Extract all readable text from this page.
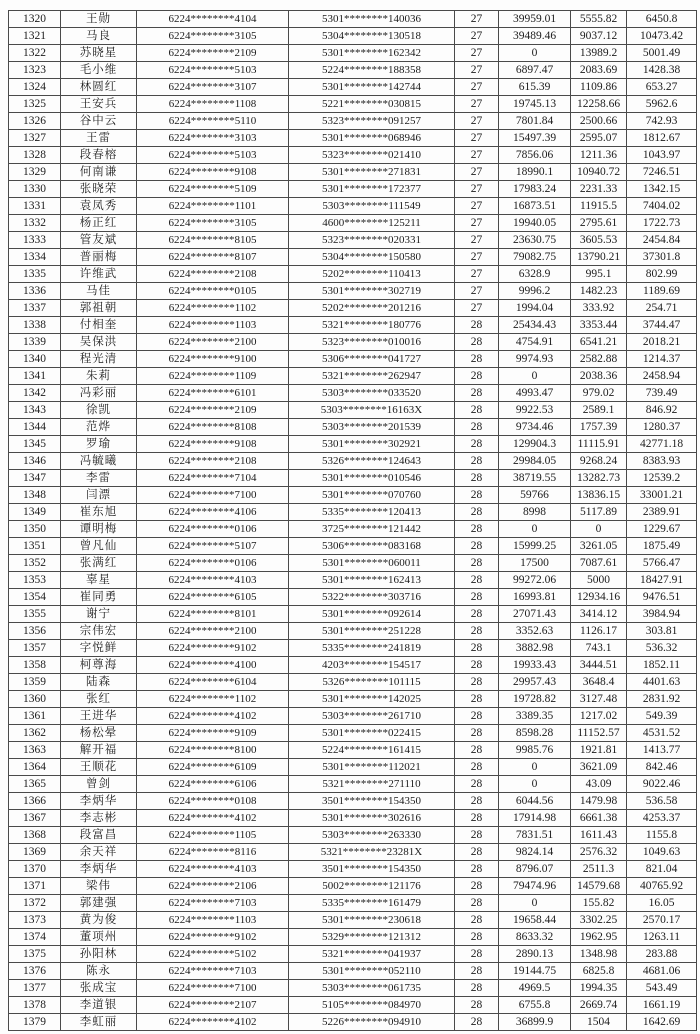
1320	王勋	6224********4104	5301********140036	27	39959.01	5555.82	6450.8
1321	马良	6224********3105	5304********130518	27	39489.46	9037.12	10473.42
1322	苏晓星	6224********2109	5301********162342	27	0	13989.2	5001.49
1323	毛小维	6224********5103	5224********188358	27	6897.47	2083.69	1428.38
1324	林圆红	6224********3107	5301********142744	27	615.39	1109.86	653.27
1325	王安兵	6224********1108	5221********030815	27	19745.13	12258.66	5962.6
1326	谷中云	6224********5110	5323********091257	27	7801.84	2500.66	742.93
1327	王雷	6224********3103	5301********068946	27	15497.39	2595.07	1812.67
1328	段春榕	6224********5103	5323********021410	27	7856.06	1211.36	1043.97
1329	何南谦	6224********9108	5301********271831	27	18990.1	10940.72	7246.51
1330	张晓荣	6224********5109	5301********172377	27	17983.24	2231.33	1342.15
1331	袁凤秀	6224********1101	5303********111549	27	16873.51	11915.5	7404.02
1332	杨正红	6224********3105	4600********125211	27	19940.05	2795.61	1722.73
1333	管友斌	6224********8105	5323********020331	27	23630.75	3605.53	2454.84
1334	普丽梅	6224********8107	5304********150580	27	79082.75	13790.21	37301.8
1335	许维武	6224********2108	5202********110413	27	6328.9	995.1	802.99
1336	马佳	6224********0105	5301********302719	27	9996.2	1482.23	1189.69
1337	郭祖朝	6224********1102	5202********201216	27	1994.04	333.92	254.71
1338	付相奎	6224********1103	5321********180776	28	25434.43	3353.44	3744.47
1339	吴保洪	6224********2100	5323********010016	28	4754.91	6541.21	2018.21
1340	程光清	6224********9100	5306********041727	28	9974.93	2582.88	1214.37
1341	朱莉	6224********1109	5321********262947	28	0	2038.36	2458.94
1342	冯彩丽	6224********6101	5303********033520	28	4993.47	979.02	739.49
1343	徐凯	6224********2109	5303********16163X	28	9922.53	2589.1	846.92
1344	范烨	6224********8108	5303********201539	28	9734.46	1757.39	1280.37
1345	罗瑜	6224********9108	5301********302921	28	129904.3	11115.91	42771.18
1346	冯毓曦	6224********2108	5326********124643	28	29984.05	9268.24	8383.93
1347	李雷	6224********7104	5301********010546	28	38719.55	13282.73	12539.2
1348	闫漂	6224********7100	5301********070760	28	59766	13836.15	33001.21
1349	崔东旭	6224********4106	5335********120413	28	8998	5117.89	2389.91
1350	谭明梅	6224********0106	3725********121442	28	0	0	1229.67
1351	曾凡仙	6224********5107	5306********083168	28	15999.25	3261.05	1875.49
1352	张满红	6224********0106	5301********060011	28	17500	7087.61	5766.47
1353	辜星	6224********4103	5301********162413	28	99272.06	5000	18427.91
1354	崔同勇	6224********6105	5322********303716	28	16993.81	12934.16	9476.51
1355	谢宁	6224********8101	5301********092614	28	27071.43	3414.12	3984.94
1356	宗伟宏	6224********2100	5301********251228	28	3352.63	1126.17	303.81
1357	字悦鲜	6224********9102	5335********241819	28	3882.98	743.1	536.32
1358	柯尊海	6224********4100	4203********154517	28	19933.43	3444.51	1852.11
1359	陆森	6224********6104	5326********101115	28	29957.43	3648.4	4401.63
1360	张红	6224********1102	5301********142025	28	19728.82	3127.48	2831.92
1361	王进华	6224********4102	5303********261710	28	3389.35	1217.02	549.39
1362	杨松晕	6224********9109	5301********022415	28	8598.28	11152.57	4531.52
1363	解开福	6224********8100	5224********161415	28	9985.76	1921.81	1413.77
1364	王顺花	6224********6109	5301********112021	28	0	3621.09	842.46
1365	曾剑	6224********6106	5321********271110	28	0	43.09	9022.46
1366	李炳华	6224********0108	3501********154350	28	6044.56	1479.98	536.58
1367	李志彬	6224********4102	5301********302616	28	17914.98	6661.38	4253.37
1368	段富昌	6224********1105	5303********263330	28	7831.51	1611.43	1155.8
1369	余天祥	6224********8116	5321********23281X	28	9824.14	2576.32	1049.63
1370	李炳华	6224********4103	3501********154350	28	8796.07	2511.3	821.04
1371	梁伟	6224********2106	5002********121176	28	79474.96	14579.68	40765.92
1372	郭建强	6224********7103	5335********161479	28	0	155.82	16.05
1373	黄为俊	6224********1103	5301********230618	28	19658.44	3302.25	2570.17
1374	董项州	6224********9102	5329********121312	28	8633.32	1962.95	1263.11
1375	孙阳林	6224********5102	5321********041937	28	2890.13	1348.98	283.88
1376	陈永	6224********7103	5301********052110	28	19144.75	6825.8	4681.06
1377	张成宝	6224********7100	5303********061735	28	4969.5	1994.35	543.49
1378	李道银	6224********2107	5105********084970	28	6755.8	2669.74	1661.19
1379	李虹丽	6224********4102	5226********094910	28	36899.9	1504	1642.69
